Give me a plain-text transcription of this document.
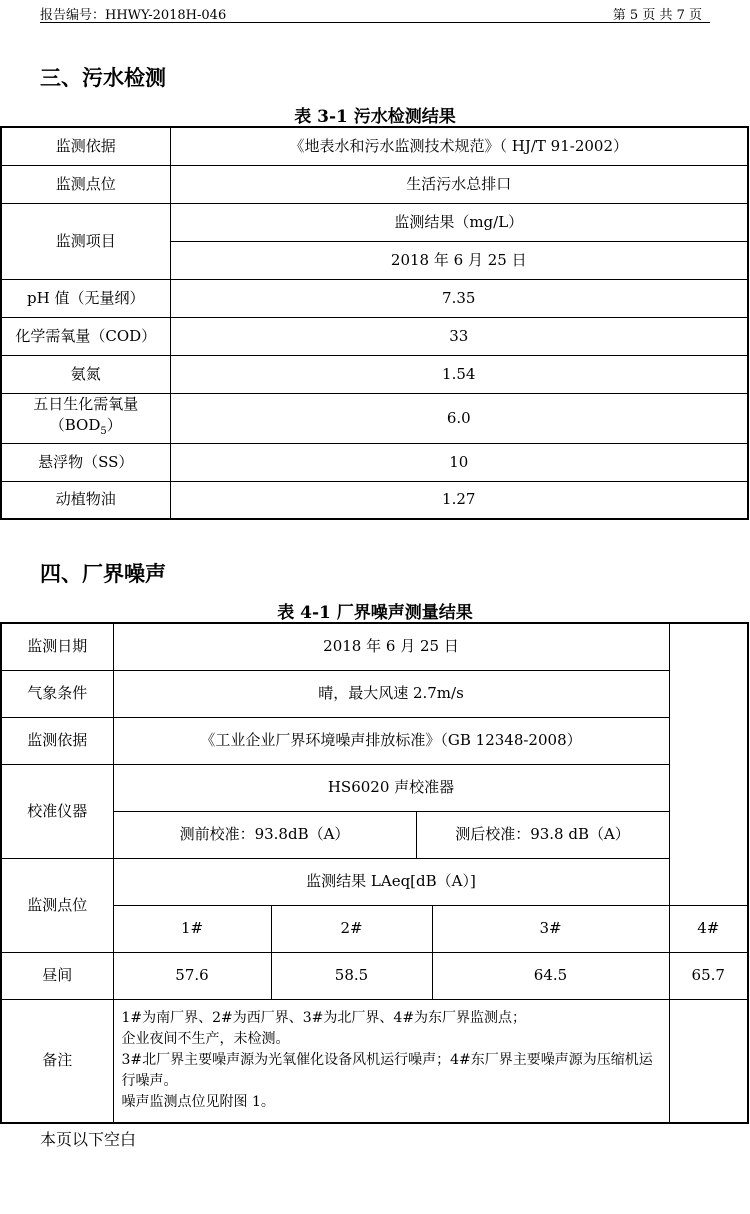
报告编号：HHWY-2018H-046	第 5 页 共 7 页
三、污水检测
表 3-1 污水检测结果
监测依据	《地表水和污水监测技术规范》（ HJ/T 91-2002）
监测点位	生活污水总排口
监测项目	监测结果（mg/L）
	2018 年 6 月 25 日
pH 值（无量纲）	7.35
化学需氧量（COD）	33
氨氮	1.54

五日生化需氧量
$(BOD_5)$	6.0
悬浮物（SS）	10
动植物油	1.27
四、厂界噪声
表 4-1 厂界噪声测量结果
监测日期	2018 年 6 月 25 日				
气象条件	晴，最大风速 2.7m/s				
监测依据	《工业企业厂界环境噪声排放标准》（GB 12348-2008）				
校准仪器	HS6020 声校准器				
	测前校准：93.8dB（A）		测后校准：93.8 dB（A）		
监测点位	监测结果 LAeq[dB（A）]				
	1#	2#		3#	4#
昼间	57.6	58.5		64.5	65.7
备注	1#为南厂界、2#为西厂界、3#为北厂界、4#为东厂界监测点；
企业夜间不生产，未检测。
3#北厂界主要噪声源为光氧催化设备风机运行噪声；4#东厂界主要噪声源为压缩机运行噪声。
噪声监测点位见附图 1。				
本页以下空白
